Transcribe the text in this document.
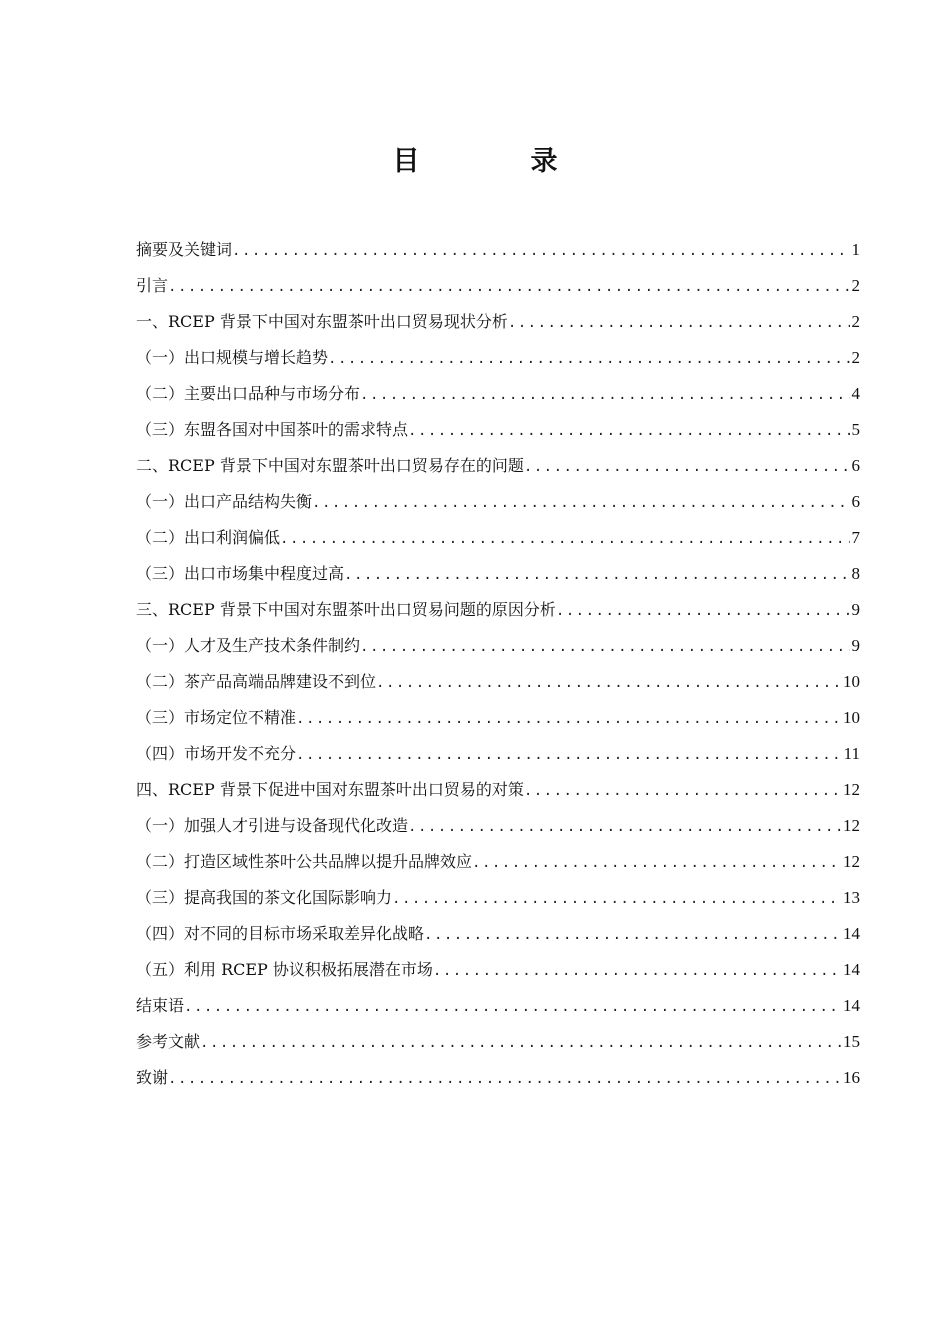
目　录
摘要及关键词 .....	1
引言 .....	2
一、RCEP 背景下中国对东盟茶叶出口贸易现状分析 .....	2
（一）出口规模与增长趋势 .....	2
（二）主要出口品种与市场分布 .....	4
（三）东盟各国对中国茶叶的需求特点 .....	5
二、RCEP 背景下中国对东盟茶叶出口贸易存在的问题 .....	6
（一）出口产品结构失衡 .....	6
（二）出口利润偏低 .....	7
（三）出口市场集中程度过高 .....	8
三、RCEP 背景下中国对东盟茶叶出口贸易问题的原因分析 .....	9
（一）人才及生产技术条件制约 .....	9
（二）茶产品高端品牌建设不到位 .....	10
（三）市场定位不精准 .....	10
（四）市场开发不充分 .....	11
四、RCEP 背景下促进中国对东盟茶叶出口贸易的对策 .....	12
（一）加强人才引进与设备现代化改造 .....	12
（二）打造区域性茶叶公共品牌以提升品牌效应 .....	12
（三）提高我国的茶文化国际影响力 .....	13
（四）对不同的目标市场采取差异化战略 .....	14
（五）利用 RCEP 协议积极拓展潜在市场 .....	14
结束语 .....	14
参考文献 .....	15
致谢 .....	16
